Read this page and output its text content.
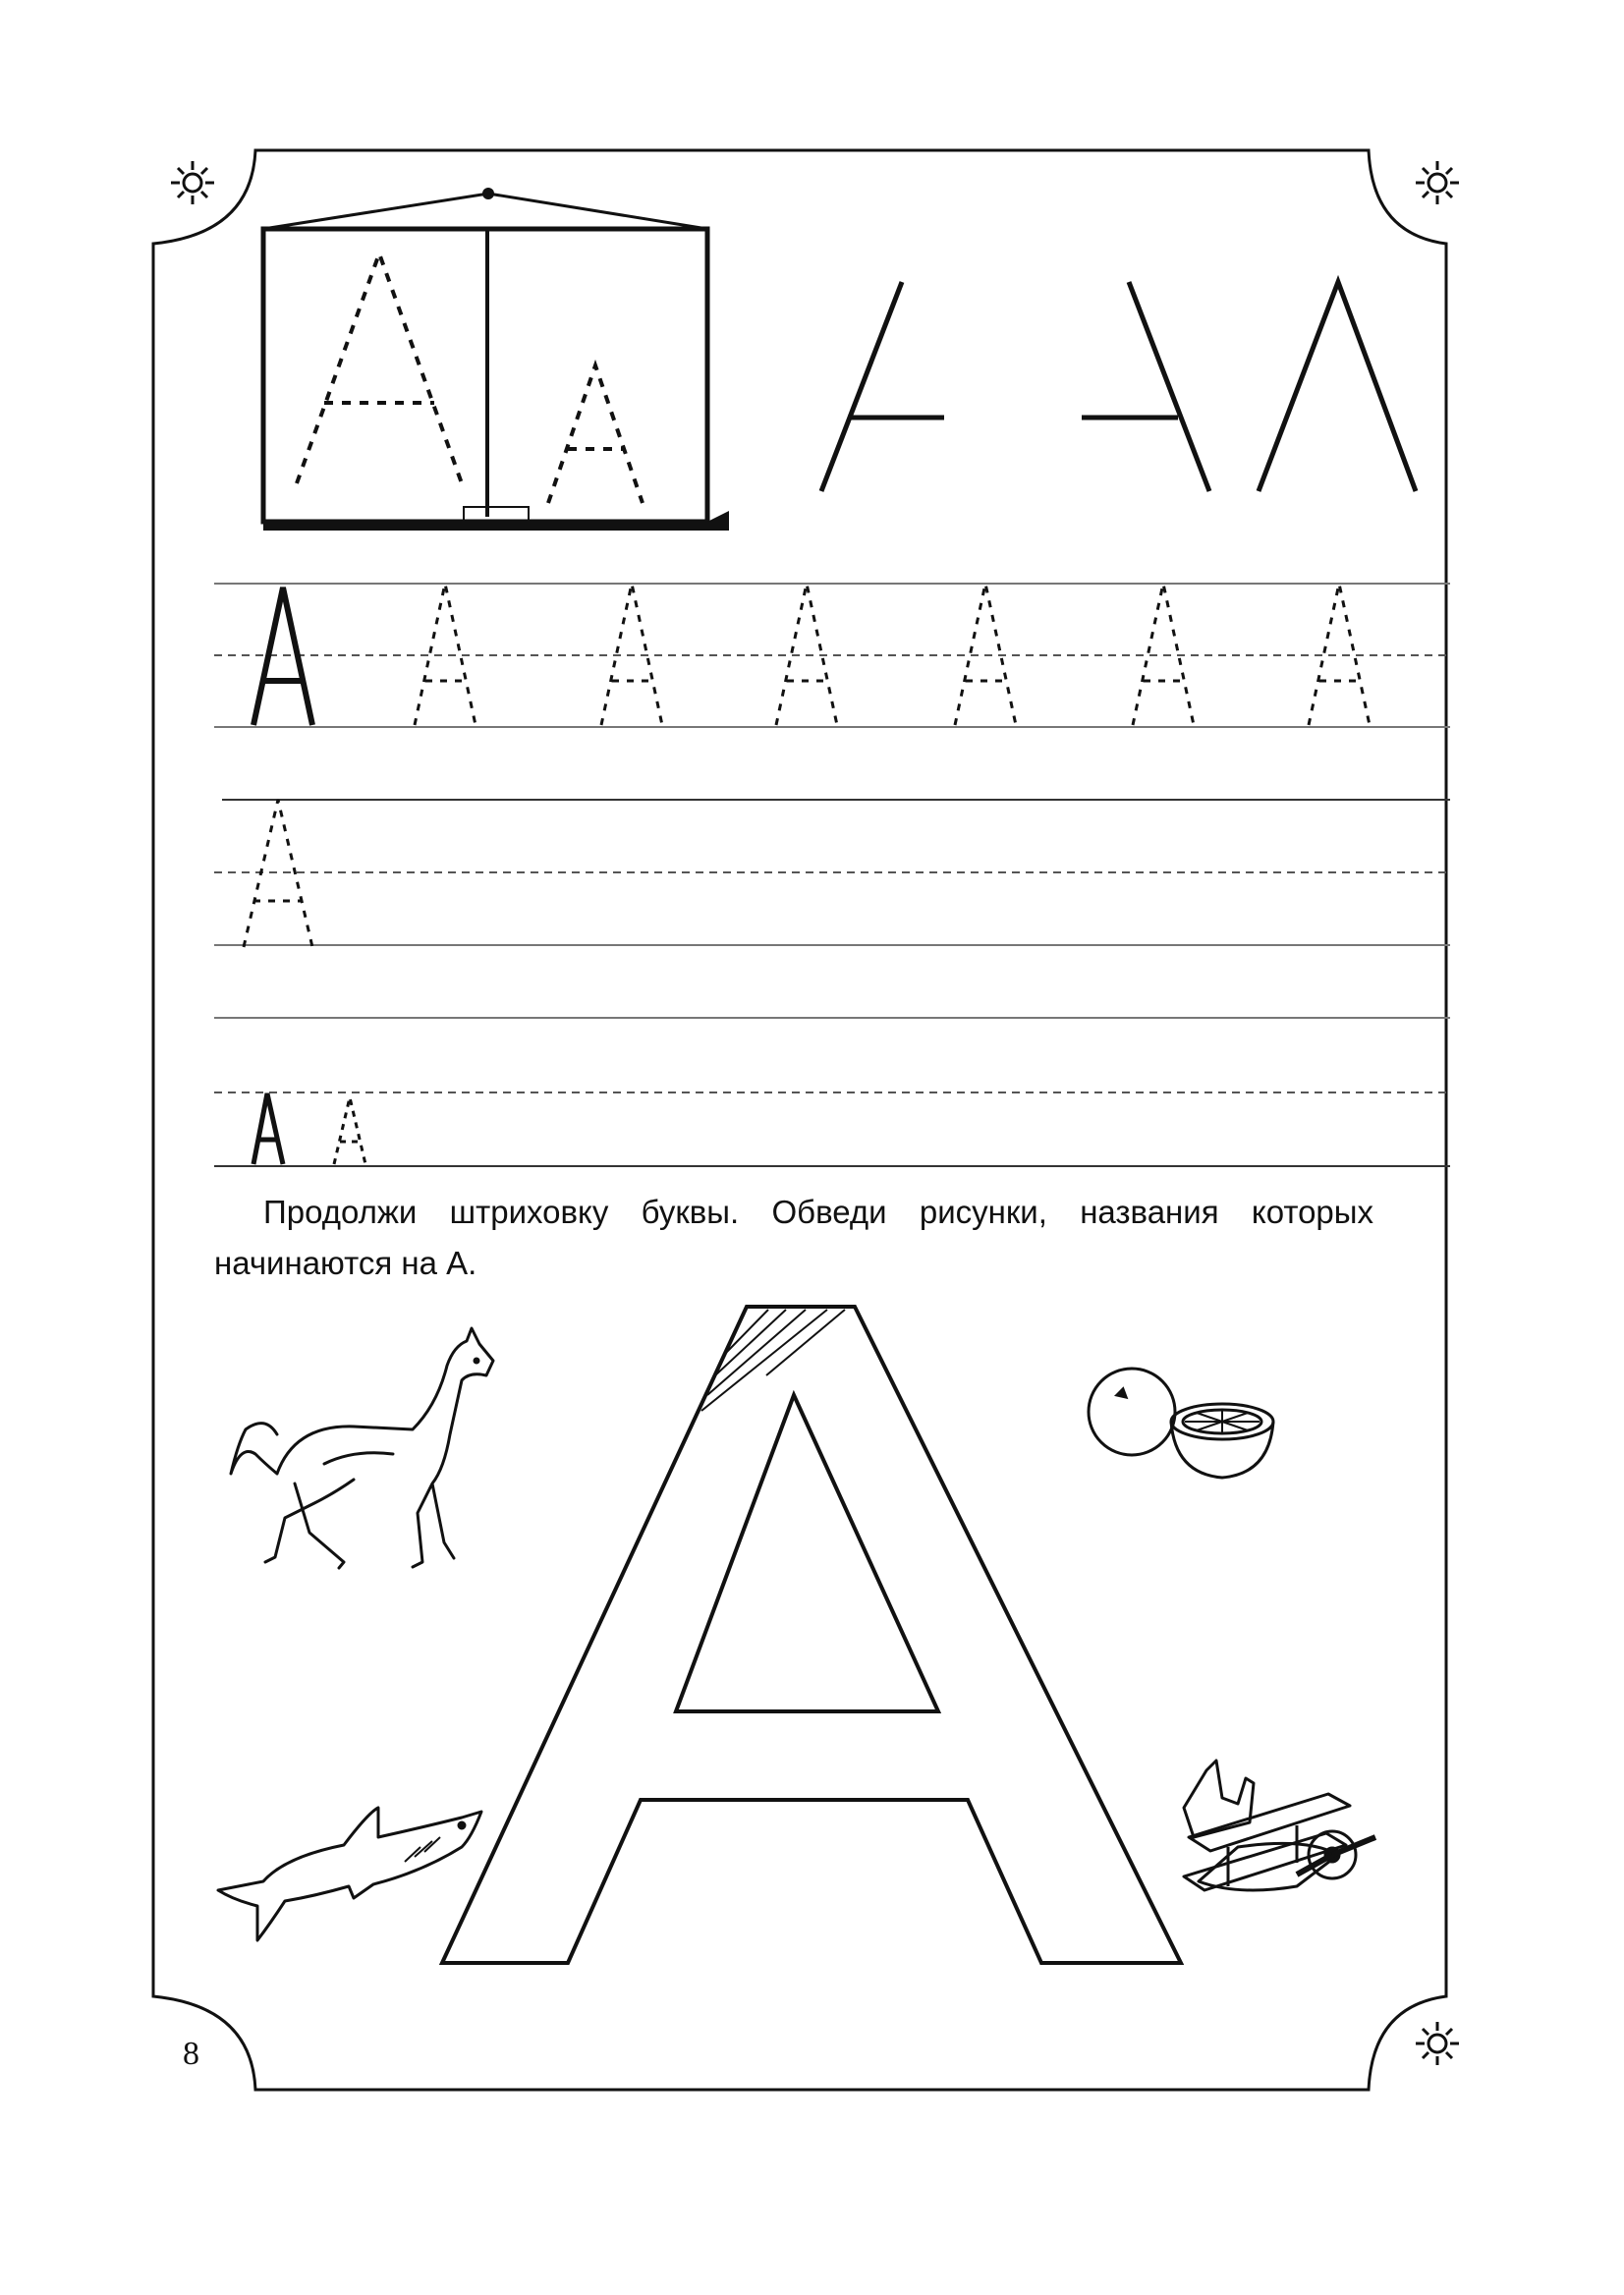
Продолжи штриховку буквы. Обведи рисунки, названия которых начинаются на А.
8
